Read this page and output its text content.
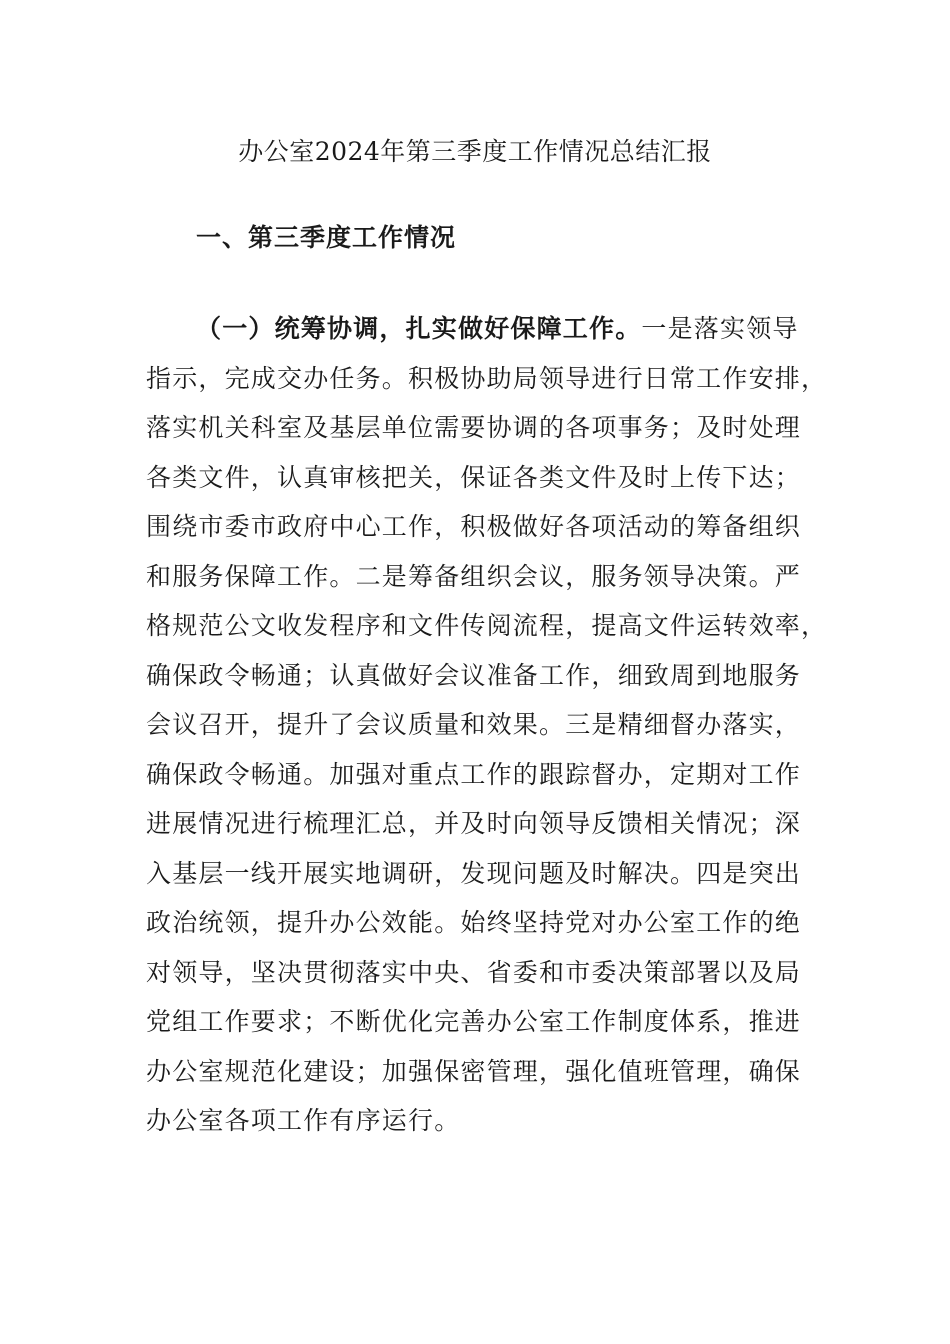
办公室2024年第三季度工作情况总结汇报
一、第三季度工作情况
（一）统筹协调，扎实做好保障工作。一是落实领导
指示，完成交办任务。积极协助局领导进行日常工作安排，
落实机关科室及基层单位需要协调的各项事务；及时处理
各类文件，认真审核把关，保证各类文件及时上传下达；
围绕市委市政府中心工作，积极做好各项活动的筹备组织
和服务保障工作。二是筹备组织会议，服务领导决策。严
格规范公文收发程序和文件传阅流程，提高文件运转效率，
确保政令畅通；认真做好会议准备工作，细致周到地服务
会议召开，提升了会议质量和效果。三是精细督办落实，
确保政令畅通。加强对重点工作的跟踪督办，定期对工作
进展情况进行梳理汇总，并及时向领导反馈相关情况；深
入基层一线开展实地调研，发现问题及时解决。四是突出
政治统领，提升办公效能。始终坚持党对办公室工作的绝
对领导，坚决贯彻落实中央、省委和市委决策部署以及局
党组工作要求；不断优化完善办公室工作制度体系，推进
办公室规范化建设；加强保密管理，强化值班管理，确保
办公室各项工作有序运行。
